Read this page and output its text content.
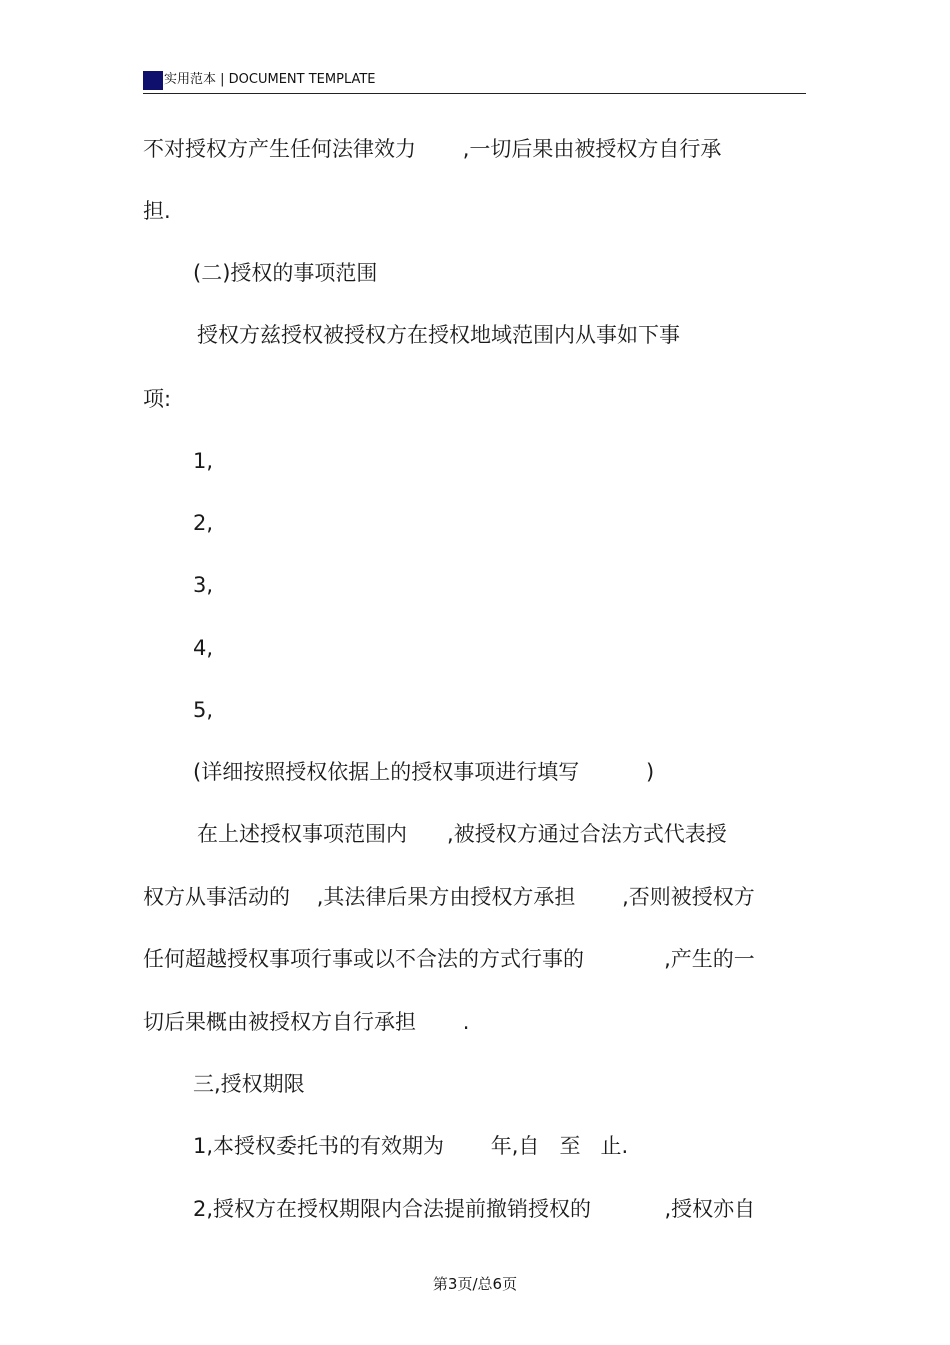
实用范本 | DOCUMENT TEMPLATE
不对授权方产生任何法律效力       ,一切后果由被授权方自行承
担.
(二)授权的事项范围
授权方兹授权被授权方在授权地域范围内从事如下事
项:
1,
2,
3,
4,
5,
(详细按照授权依据上的授权事项进行填写          )
在上述授权事项范围内      ,被授权方通过合法方式代表授
权方从事活动的    ,其法律后果方由授权方承担       ,否则被授权方
任何超越授权事项行事或以不合法的方式行事的            ,产生的一
切后果概由被授权方自行承担       .
三,授权期限
1,本授权委托书的有效期为       年,自   至   止.
2,授权方在授权期限内合法提前撤销授权的           ,授权亦自
第3页/总6页
